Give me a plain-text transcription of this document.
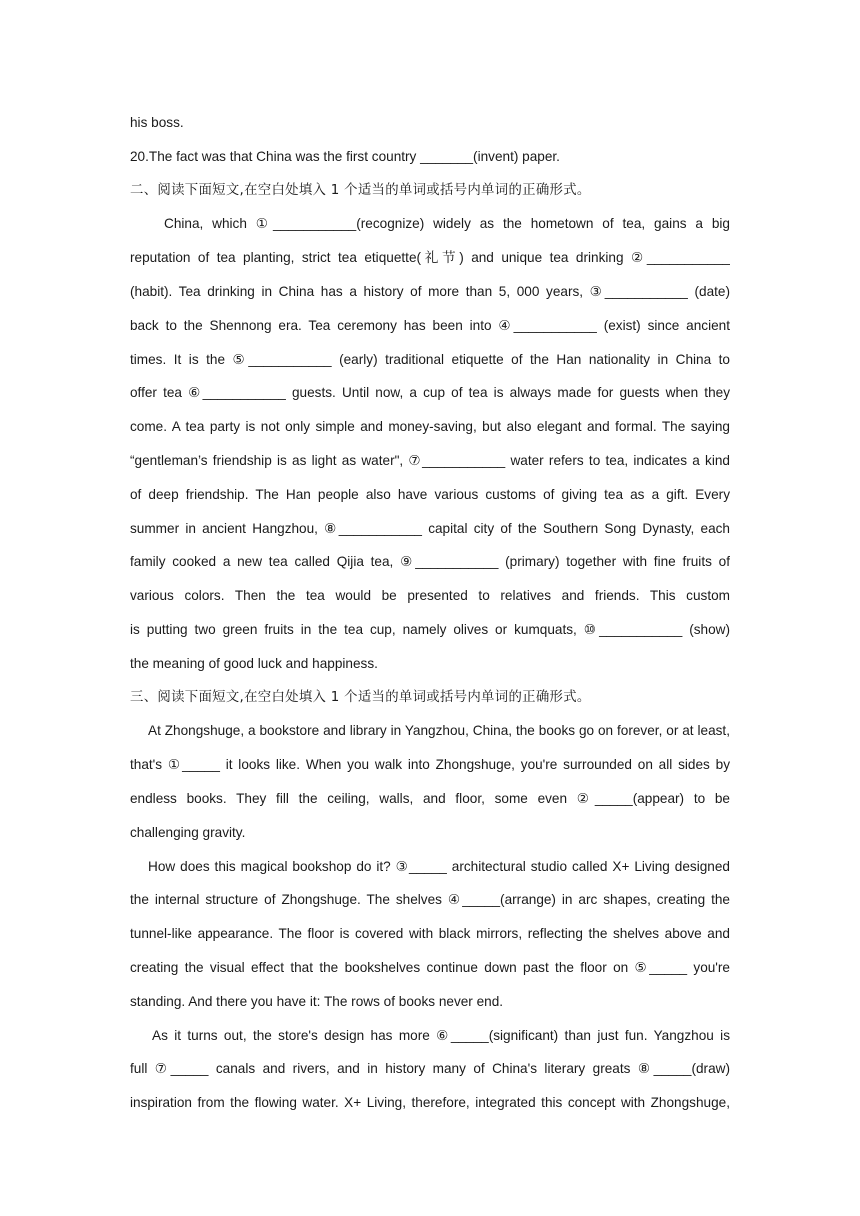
his boss.
20.The fact was that China was the first country _______(invent) paper.
二、阅读下面短文,在空白处填入 1 个适当的单词或括号内单词的正确形式。
China, which ①___________(recognize) widely as the hometown of tea, gains a big
reputation of tea planting, strict tea etiquette(礼节) and unique tea drinking ②___________
(habit). Tea drinking in China has a history of more than 5, 000 years, ③___________ (date)
back to the Shennong era. Tea ceremony has been into ④___________ (exist) since ancient
times. It is the ⑤___________ (early) traditional etiquette of the Han nationality in China to
offer tea ⑥___________ guests. Until now, a cup of tea is always made for guests when they
come. A tea party is not only simple and money-saving, but also elegant and formal. The saying
“gentleman’s friendship is as light as water", ⑦___________ water refers to tea, indicates a kind
of deep friendship. The Han people also have various customs of giving tea as a gift. Every
summer in ancient Hangzhou, ⑧___________ capital city of the Southern Song Dynasty, each
family cooked a new tea called Qijia tea, ⑨___________ (primary) together with fine fruits of
various colors. Then the tea would be presented to relatives and friends. This custom
is putting two green fruits in the tea cup, namely olives or kumquats, ⑩___________ (show)
the meaning of good luck and happiness.
三、阅读下面短文,在空白处填入 1 个适当的单词或括号内单词的正确形式。
At Zhongshuge, a bookstore and library in Yangzhou, China, the books go on forever, or at least,
that's ①_____ it looks like. When you walk into Zhongshuge, you're surrounded on all sides by
endless books. They fill the ceiling, walls, and floor, some even ②_____(appear) to be
challenging gravity.
How does this magical bookshop do it? ③_____ architectural studio called X+ Living designed
the internal structure of Zhongshuge. The shelves ④_____(arrange) in arc shapes, creating the
tunnel-like appearance. The floor is covered with black mirrors, reflecting the shelves above and
creating the visual effect that the bookshelves continue down past the floor on ⑤_____ you're
standing. And there you have it: The rows of books never end.
As it turns out, the store's design has more ⑥_____(significant) than just fun. Yangzhou is
full ⑦_____ canals and rivers, and in history many of China's literary greats ⑧_____(draw)
inspiration from the flowing water. X+ Living, therefore, integrated this concept with Zhongshuge,
